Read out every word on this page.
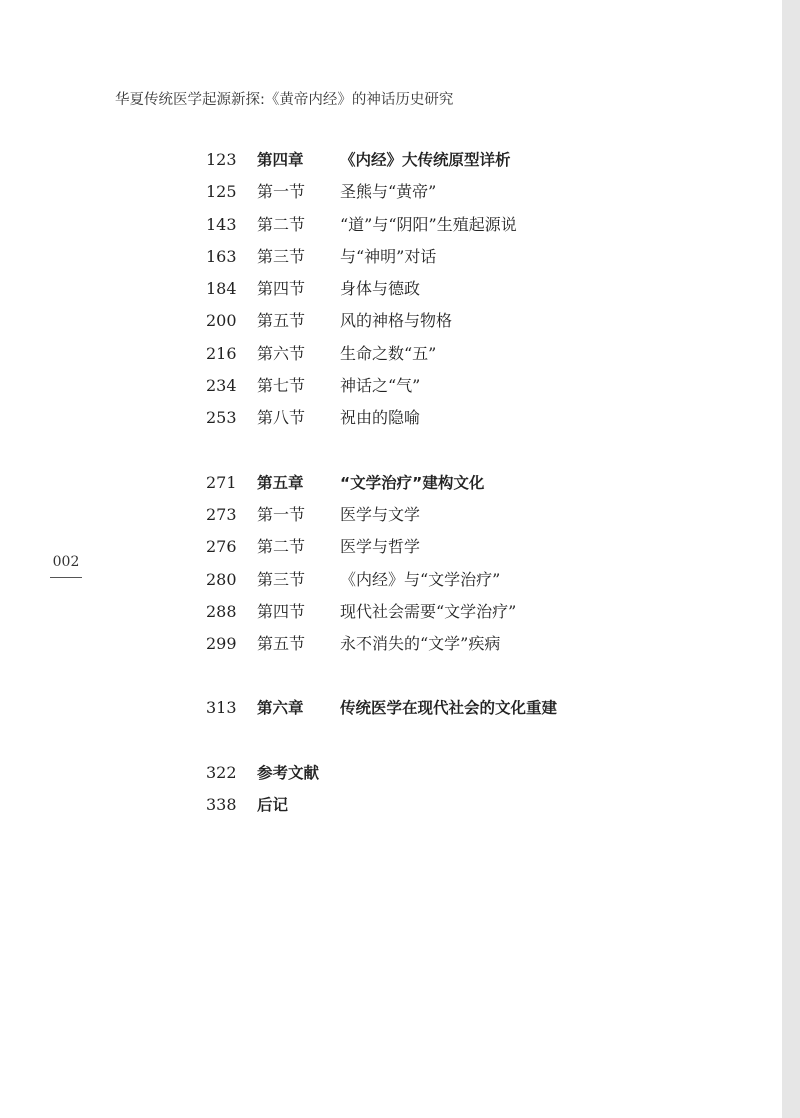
华夏传统医学起源新探:《黄帝内经》的神话历史研究
002
123	第四章 《内经》大传统原型详析
125	第一节 圣熊与“黄帝”
143	第二节 “道”与“阴阳”生殖起源说
163	第三节 与“神明”对话
184	第四节 身体与德政
200	第五节 风的神格与物格
216	第六节 生命之数“五”
234	第七节 神话之“气”
253	第八节 祝由的隐喻
271	第五章 “文学治疗”建构文化
273	第一节 医学与文学
276	第二节 医学与哲学
280	第三节 《内经》与“文学治疗”
288	第四节 现代社会需要“文学治疗”
299	第五节 永不消失的“文学”疾病
313	第六章 传统医学在现代社会的文化重建
322	参考文献
338	后记
